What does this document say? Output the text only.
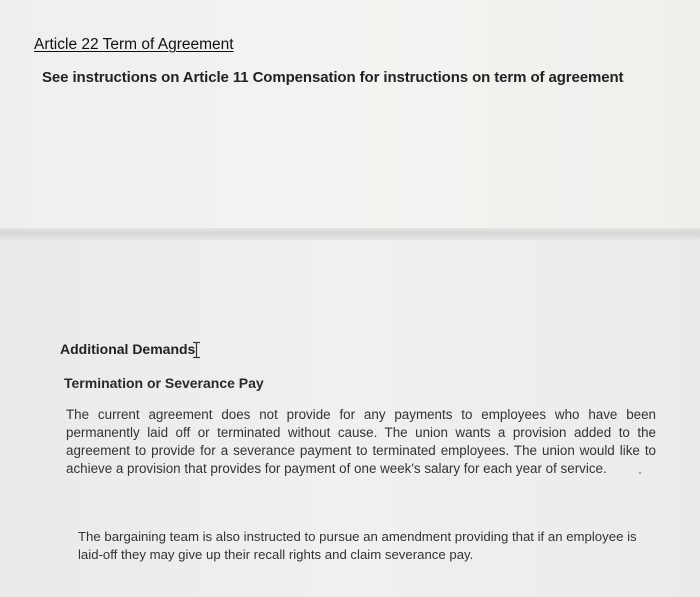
Article 22 Term of Agreement
See instructions on Article 11 Compensation for instructions on term of agreement
Additional Demands
Termination or Severance Pay
The current agreement does not provide for any payments to employees who have been permanently laid off or terminated without cause. The union wants a provision added to the agreement to provide for a severance payment to terminated employees. The union would like to achieve a provision that provides for payment of one week's salary for each year of service.
The bargaining team is also instructed to pursue an amendment providing that if an employee is laid-off they may give up their recall rights and claim severance pay.
